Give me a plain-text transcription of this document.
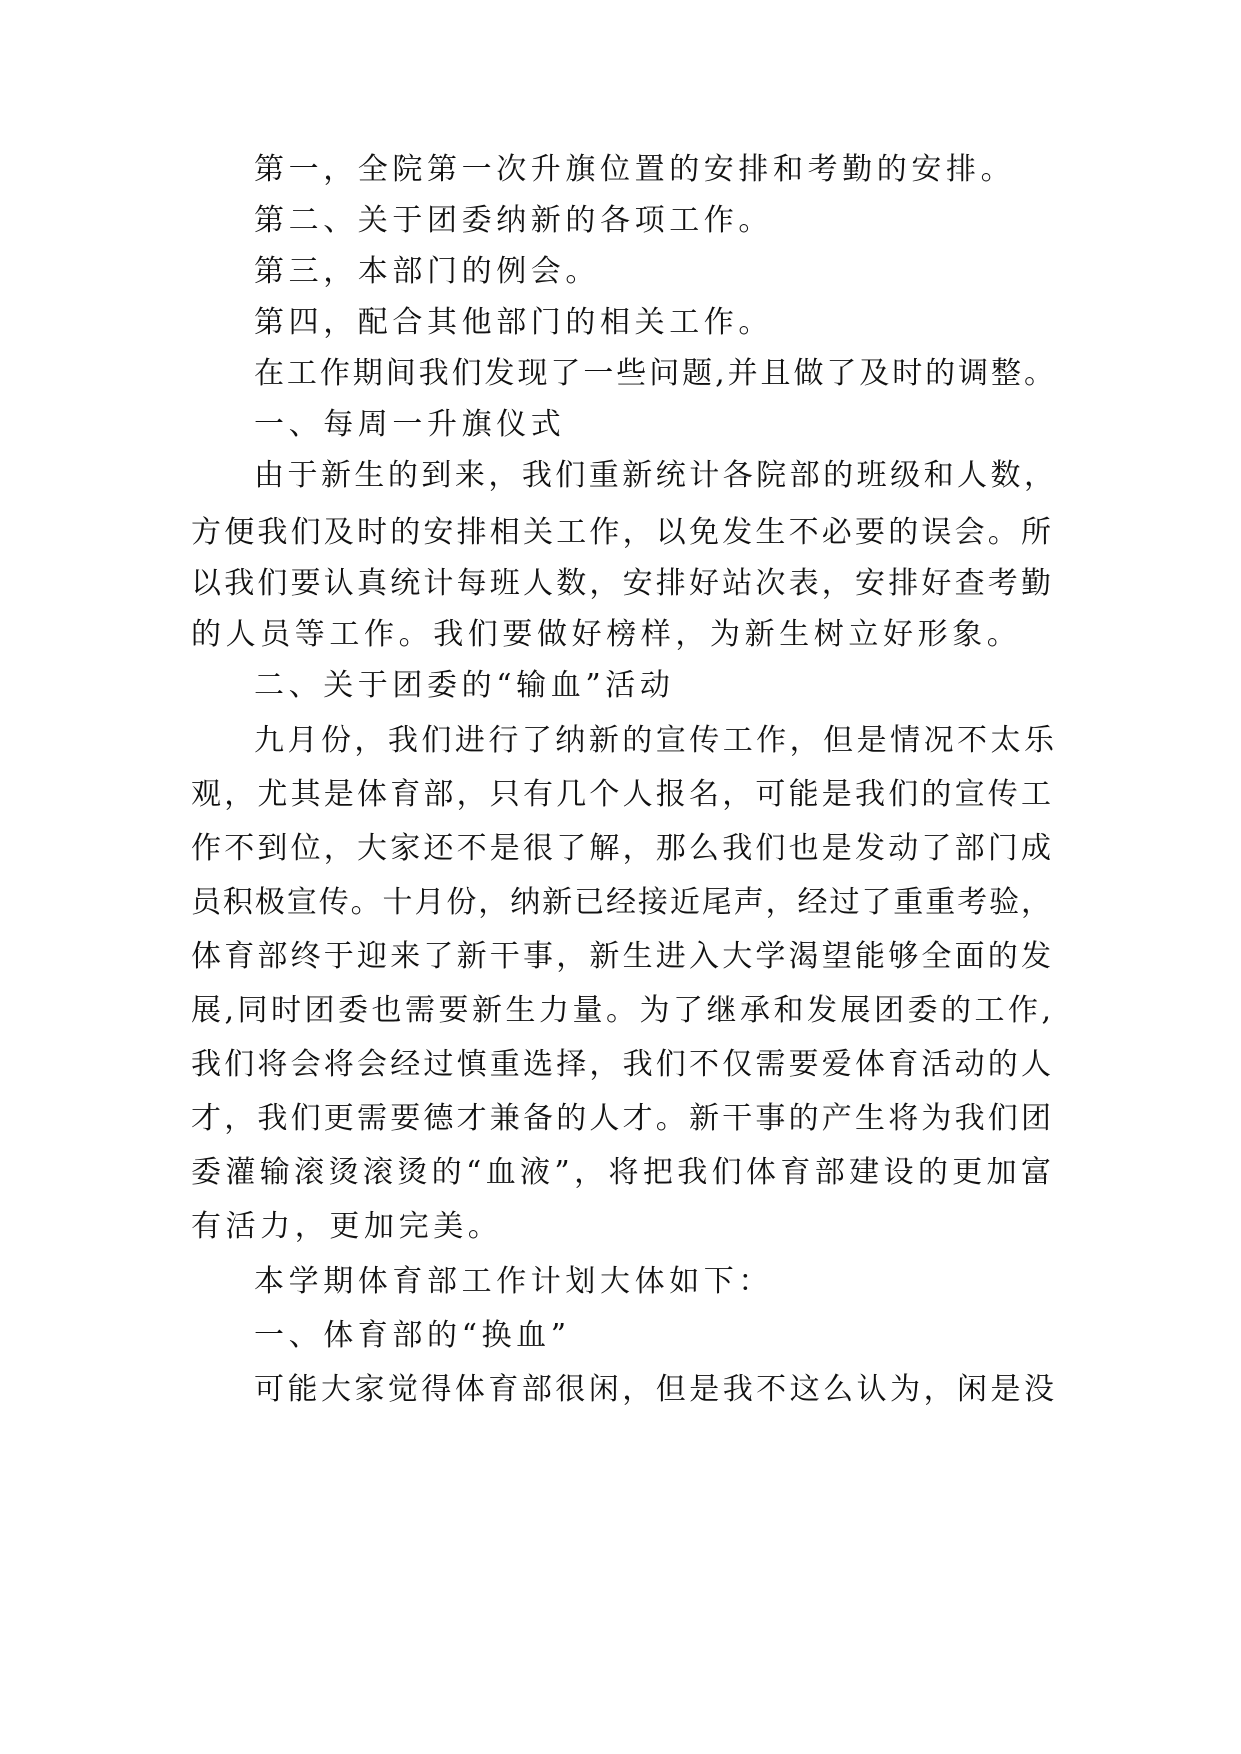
第一，全院第一次升旗位置的安排和考勤的安排。
第二、关于团委纳新的各项工作。
第三，本部门的例会。
第四，配合其他部门的相关工作。
在工作期间我们发现了一些问题,并且做了及时的调整。
一、每周一升旗仪式
由于新生的到来，我们重新统计各院部的班级和人数，
方便我们及时的安排相关工作，以免发生不必要的误会。所
以我们要认真统计每班人数，安排好站次表，安排好查考勤
的人员等工作。我们要做好榜样，为新生树立好形象。
二、关于团委的“输血”活动
九月份，我们进行了纳新的宣传工作，但是情况不太乐
观，尤其是体育部，只有几个人报名，可能是我们的宣传工
作不到位，大家还不是很了解，那么我们也是发动了部门成
员积极宣传。十月份，纳新已经接近尾声，经过了重重考验，
体育部终于迎来了新干事，新生进入大学渴望能够全面的发
展,同时团委也需要新生力量。为了继承和发展团委的工作,
我们将会将会经过慎重选择，我们不仅需要爱体育活动的人
才，我们更需要德才兼备的人才。新干事的产生将为我们团
委灌输滚烫滚烫的“血液”，将把我们体育部建设的更加富
有活力，更加完美。
本学期体育部工作计划大体如下：
一、体育部的“换血”
可能大家觉得体育部很闲，但是我不这么认为，闲是没
